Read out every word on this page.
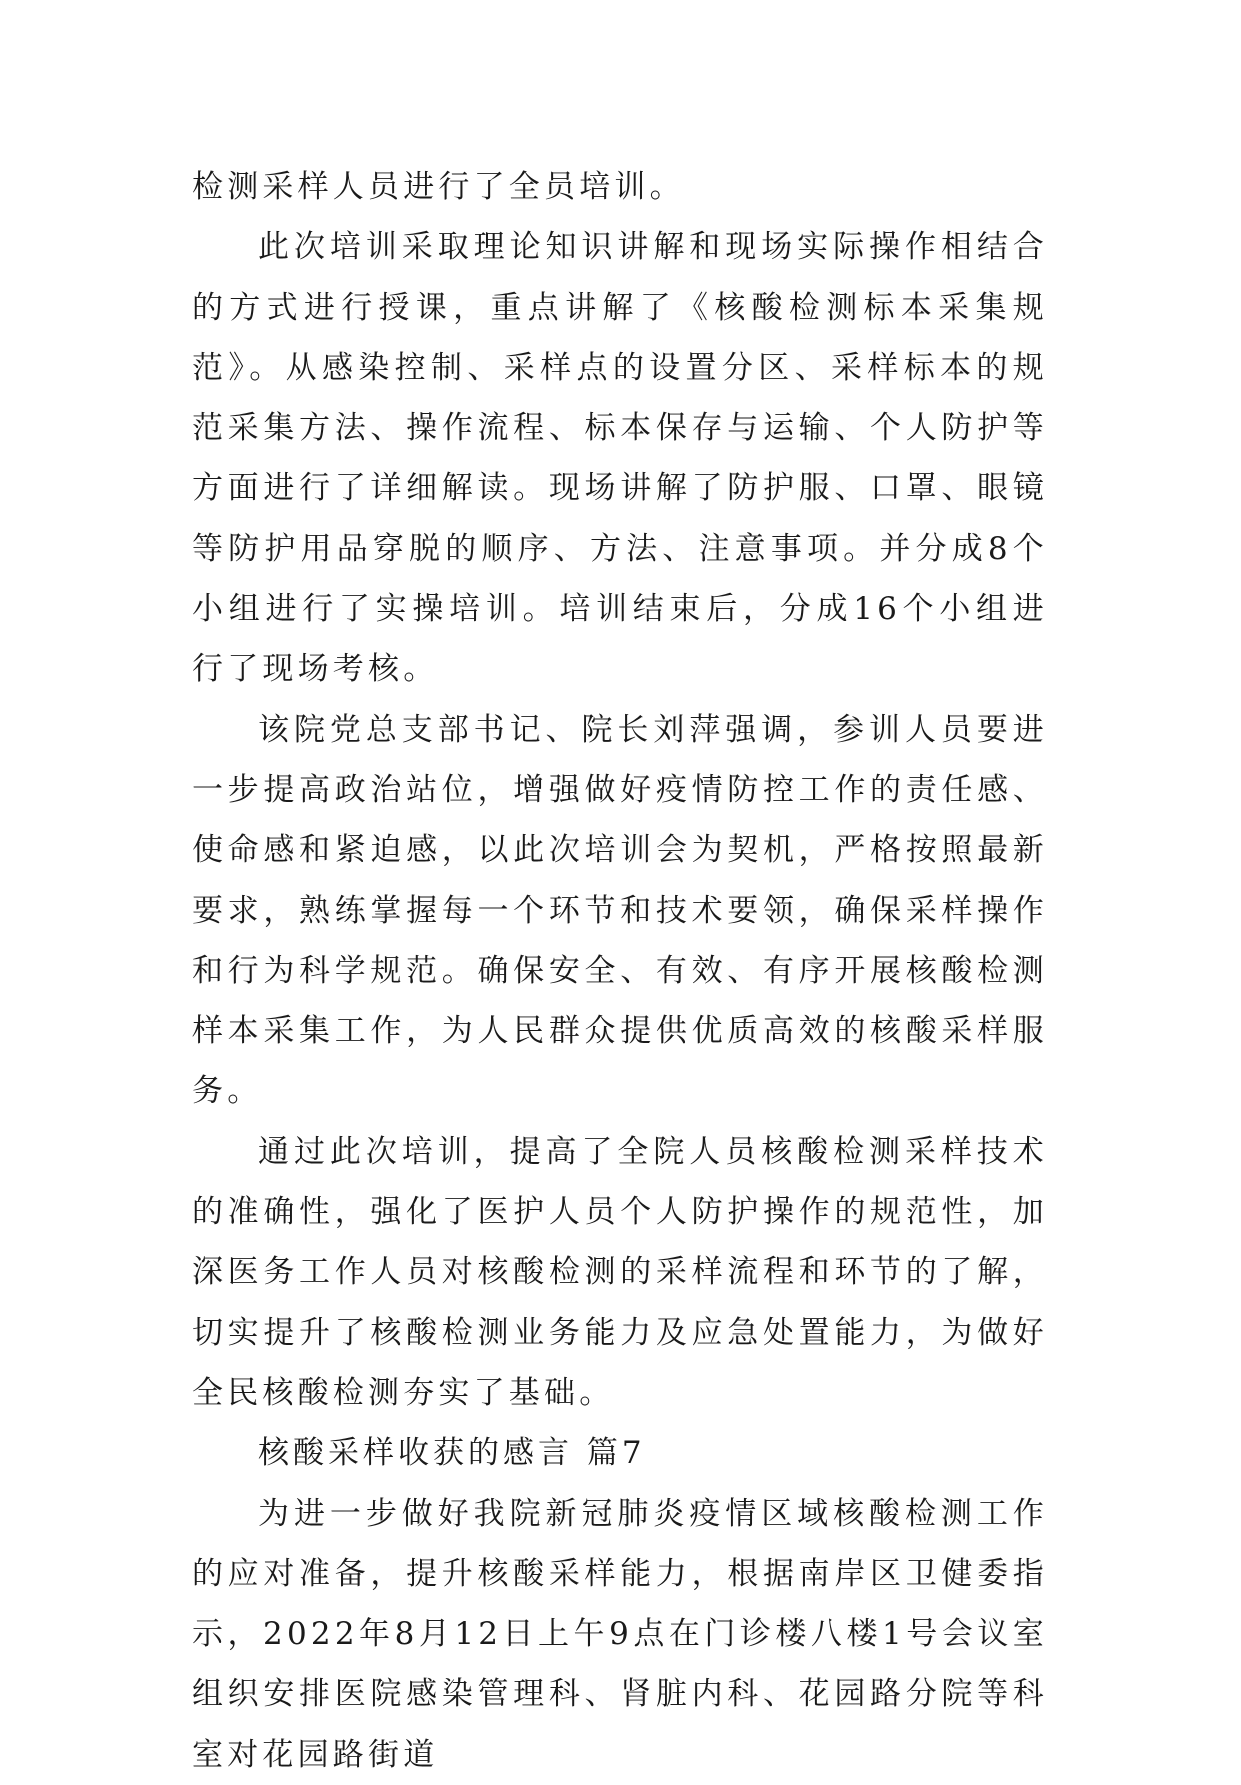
检测采样人员进行了全员培训。

此次培训采取理论知识讲解和现场实际操作相结合的方式进行授课，重点讲解了《核酸检测标本采集规范》。从感染控制、采样点的设置分区、采样标本的规范采集方法、操作流程、标本保存与运输、个人防护等方面进行了详细解读。现场讲解了防护服、口罩、眼镜等防护用品穿脱的顺序、方法、注意事项。并分成8个小组进行了实操培训。培训结束后，分成16个小组进行了现场考核。

该院党总支部书记、院长刘萍强调，参训人员要进一步提高政治站位，增强做好疫情防控工作的责任感、使命感和紧迫感，以此次培训会为契机，严格按照最新要求，熟练掌握每一个环节和技术要领，确保采样操作和行为科学规范。确保安全、有效、有序开展核酸检测样本采集工作，为人民群众提供优质高效的核酸采样服务。

通过此次培训，提高了全院人员核酸检测采样技术的准确性，强化了医护人员个人防护操作的规范性，加深医务工作人员对核酸检测的采样流程和环节的了解，切实提升了核酸检测业务能力及应急处置能力，为做好全民核酸检测夯实了基础。

核酸采样收获的感言 篇7

为进一步做好我院新冠肺炎疫情区域核酸检测工作的应对准备，提升核酸采样能力，根据南岸区卫健委指示，2022年8月12日上午9点在门诊楼八楼1号会议室组织安排医院感染管理科、肾脏内科、花园路分院等科室对花园路街道
